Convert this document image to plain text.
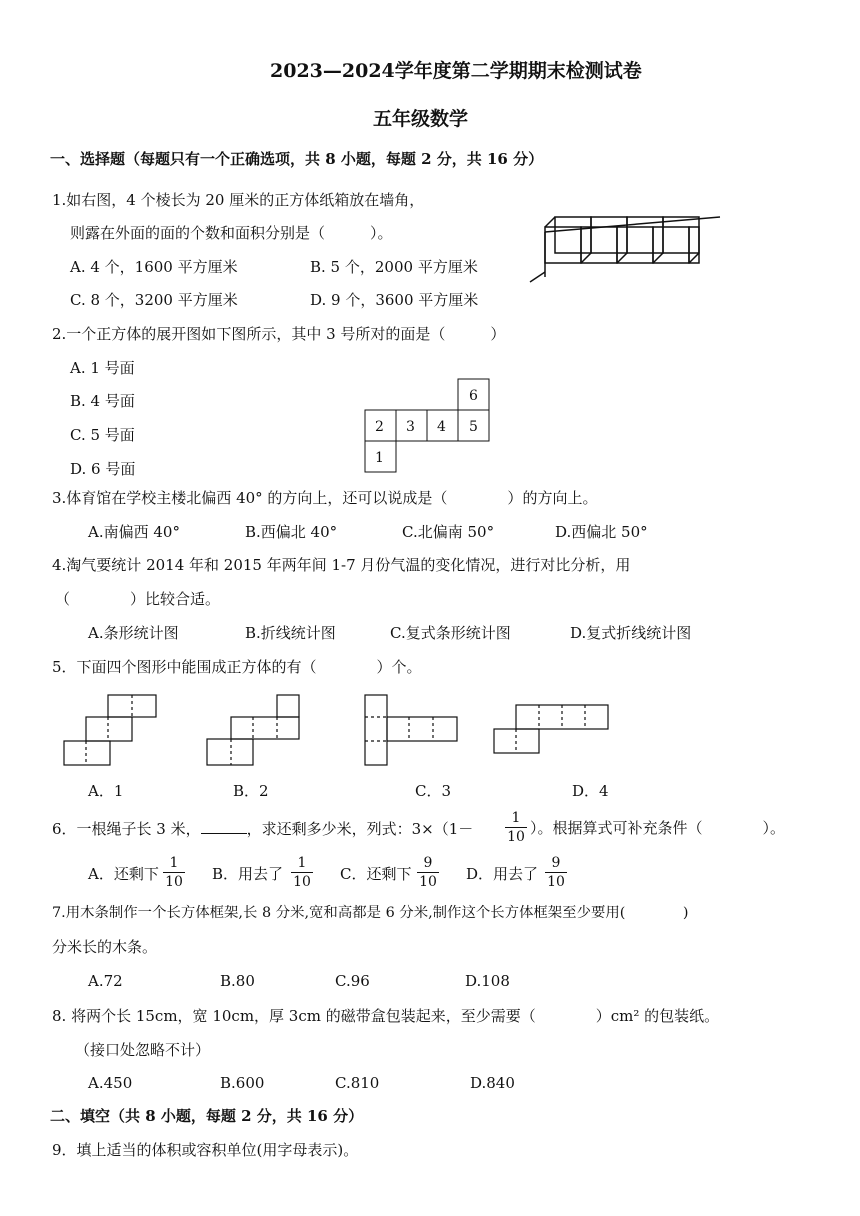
2023—2024学年度第二学期期末检测试卷
五年级数学
一、选择题（每题只有一个正确选项，共 8 小题，每题 2 分，共 16 分）
1.如右图，4 个棱长为 20 厘米的正方体纸箱放在墙角，
则露在外面的面的个数和面积分别是（　　　）。
A. 4 个，1600 平方厘米	B. 5 个，2000 平方厘米
C. 8 个，3200 平方厘米	D. 9 个，3600 平方厘米
2.一个正方体的展开图如下图所示，其中 3 号所对的面是（　　　）
A. 1 号面
B. 4 号面
C. 5 号面
D. 6 号面
6
2 3 4 5
1
3.体育馆在学校主楼北偏西 40° 的方向上，还可以说成是（　　　　）的方向上。
A.南偏西 40°	B.西偏北 40°	C.北偏南 50°	D.西偏北 50°
4.淘气要统计 2014 年和 2015 年两年间 1-7 月份气温的变化情况，进行对比分析，用
（　　　　）比较合适。
A.条形统计图	B.折线统计图	C.复式条形统计图	D.复式折线统计图
5．下面四个图形中能围成正方体的有（　　　　）个。
A．1	B．2	C．3	D．4
6．一根绳子长 3 米，	，求还剩多少米，列式：3×（1－
1
10 ）。根据算式可补充条件（　　　　）。
A．还剩下
1
10 B．用去了
1
10 C．还剩下
9
10 D．用去了
9
10
7.用木条制作一个长方体框架,长 8 分米,宽和高都是 6 分米,制作这个长方体框架至少要用(　　　　)
分米长的木条。
A.72	B.80	C.96	D.108
8. 将两个长 15cm，宽 10cm，厚 3cm 的磁带盒包装起来，至少需要（　　　　）cm² 的包装纸。
（接口处忽略不计）
A.450	B.600	C.810	D.840
二、填空（共 8 小题，每题 2 分，共 16 分）
9．填上适当的体积或容积单位(用字母表示)。
